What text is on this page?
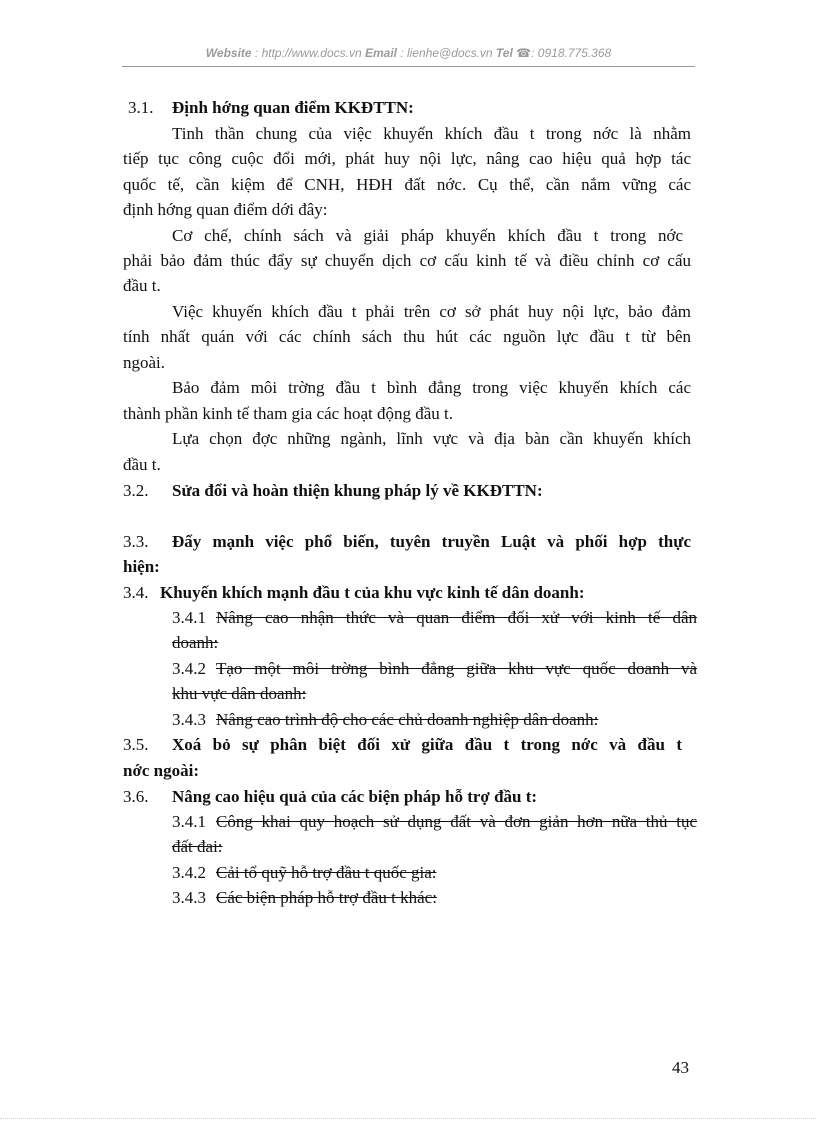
Website : http://www.docs.vn Email : lienhe@docs.vn Tel ☎: 0918.775.368
3.1. Định hớng quan điểm KKĐTTN:
Tinh thần chung của việc khuyến khích đầu t trong nớc là nhằm
tiếp tục công cuộc đổi mới, phát huy nội lực, nâng cao hiệu quả hợp tác
quốc tế, cần kiệm để CNH, HĐH đất nớc. Cụ thể, cần nắm vững các
định hớng quan điểm dới đây:
Cơ chế, chính sách và giải pháp khuyến khích đầu t trong nớc
phải bảo đảm thúc đẩy sự chuyển dịch cơ cấu kinh tế và điều chỉnh cơ cấu
đầu t.
Việc khuyến khích đầu t phải trên cơ sở phát huy nội lực, bảo đảm
tính nhất quán với các chính sách thu hút các nguồn lực đầu t từ bên
ngoài.
Bảo đảm môi trờng đầu t bình đẳng trong việc khuyến khích các
thành phần kinh tế tham gia các hoạt động đầu t.
Lựa chọn đợc những ngành, lĩnh vực và địa bàn cần khuyến khích
đầu t.
3.2. Sửa đổi và hoàn thiện khung pháp lý về KKĐTTN:
3.3. Đẩy mạnh việc phổ biến, tuyên truyền Luật và phối hợp thực
hiện:
3.4. Khuyến khích mạnh đầu t của khu vực kinh tế dân doanh:
3.4.1 Nâng cao nhận thức và quan điểm đối xử với kinh tế dân
doanh:
3.4.2 Tạo một môi trờng bình đẳng giữa khu vực quốc doanh và
khu vực dân doanh:
3.4.3 Nâng cao trình độ cho các chủ doanh nghiệp dân doanh:
3.5. Xoá bỏ sự phân biệt đối xử giữa đầu t trong nớc và đầu t
nớc ngoài:
3.6. Nâng cao hiệu quả của các biện pháp hỗ trợ đầu t:
3.4.1 Công khai quy hoạch sử dụng đất và đơn giản hơn nữa thủ tục
đất đai:
3.4.2 Cải tổ quỹ hỗ trợ đầu t quốc gia:
3.4.3 Các biện pháp hỗ trợ đầu t khác:
43
